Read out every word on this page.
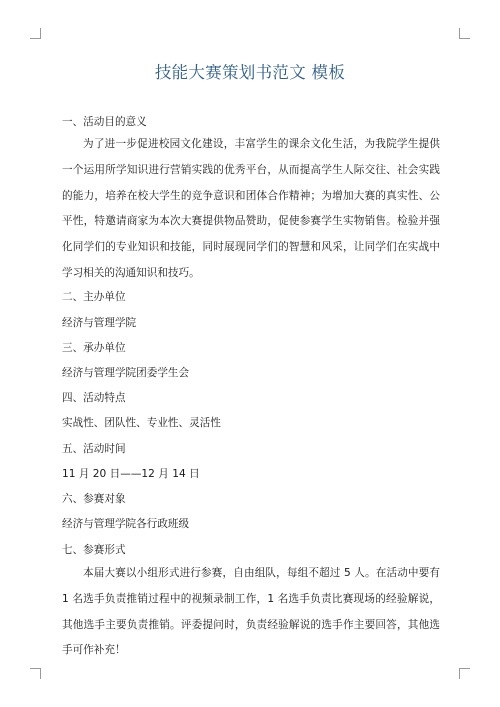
技能大赛策划书范文 模板
一、活动目的意义

为了进一步促进校园文化建设，丰富学生的课余文化生活，为我院学生提供一个运用所学知识进行营销实践的优秀平台，从而提高学生人际交往、社会实践的能力，培养在校大学生的竞争意识和团体合作精神；为增加大赛的真实性、公平性，特邀请商家为本次大赛提供物品赞助，促使参赛学生实物销售。检验并强化同学们的专业知识和技能，同时展现同学们的智慧和风采，让同学们在实战中学习相关的沟通知识和技巧。

二、主办单位
经济与管理学院
三、承办单位
经济与管理学院团委学生会
四、活动特点
实战性、团队性、专业性、灵活性
五、活动时间
11 月 20 日——12 月 14 日
六、参赛对象
经济与管理学院各行政班级
七、参赛形式

本届大赛以小组形式进行参赛，自由组队，每组不超过 5 人。在活动中要有 1 名选手负责推销过程中的视频录制工作，1 名选手负责比赛现场的经验解说，其他选手主要负责推销。评委提问时，负责经验解说的选手作主要回答，其他选手可作补充！
